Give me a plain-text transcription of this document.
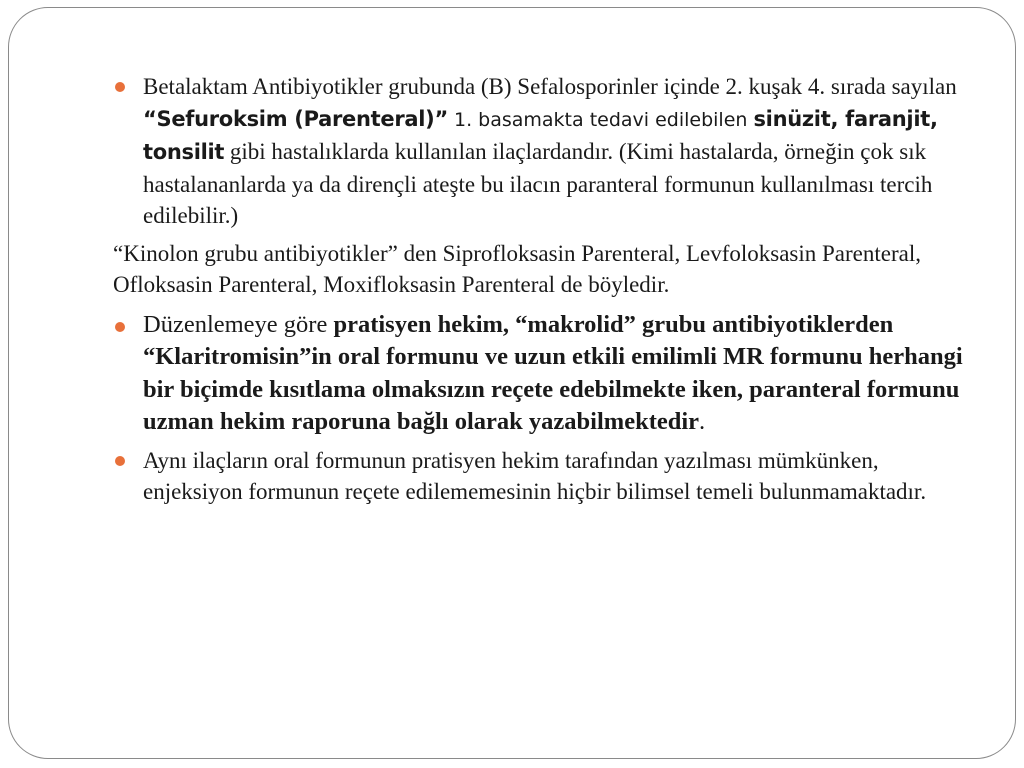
Betalaktam Antibiyotikler grubunda (B) Sefalosporinler içinde 2. kuşak 4. sırada sayılan “Sefuroksim (Parenteral)” 1. basamakta tedavi edilebilen sinüzit, faranjit, tonsilit gibi hastalıklarda kullanılan ilaçlardandır. (Kimi hastalarda, örneğin çok sık hastalananlarda ya da dirençli ateşte bu ilacın paranteral formunun kullanılması tercih edilebilir.)

“Kinolon grubu antibiyotikler” den Siprofloksasin Parenteral, Levfoloksasin Parenteral, Ofloksasin Parenteral, Moxifloksasin Parenteral de böyledir.

Düzenlemeye göre pratisyen hekim, “makrolid” grubu antibiyotiklerden “Klaritromisin”in oral formunu ve uzun etkili emilimli MR formunu herhangi bir biçimde kısıtlama olmaksızın reçete edebilmekte iken, paranteral formunu uzman hekim raporuna bağlı olarak yazabilmektedir.

Aynı ilaçların oral formunun pratisyen hekim tarafından yazılması mümkünken, enjeksiyon formunun reçete edilememesinin hiçbir bilimsel temeli bulunmamaktadır.
